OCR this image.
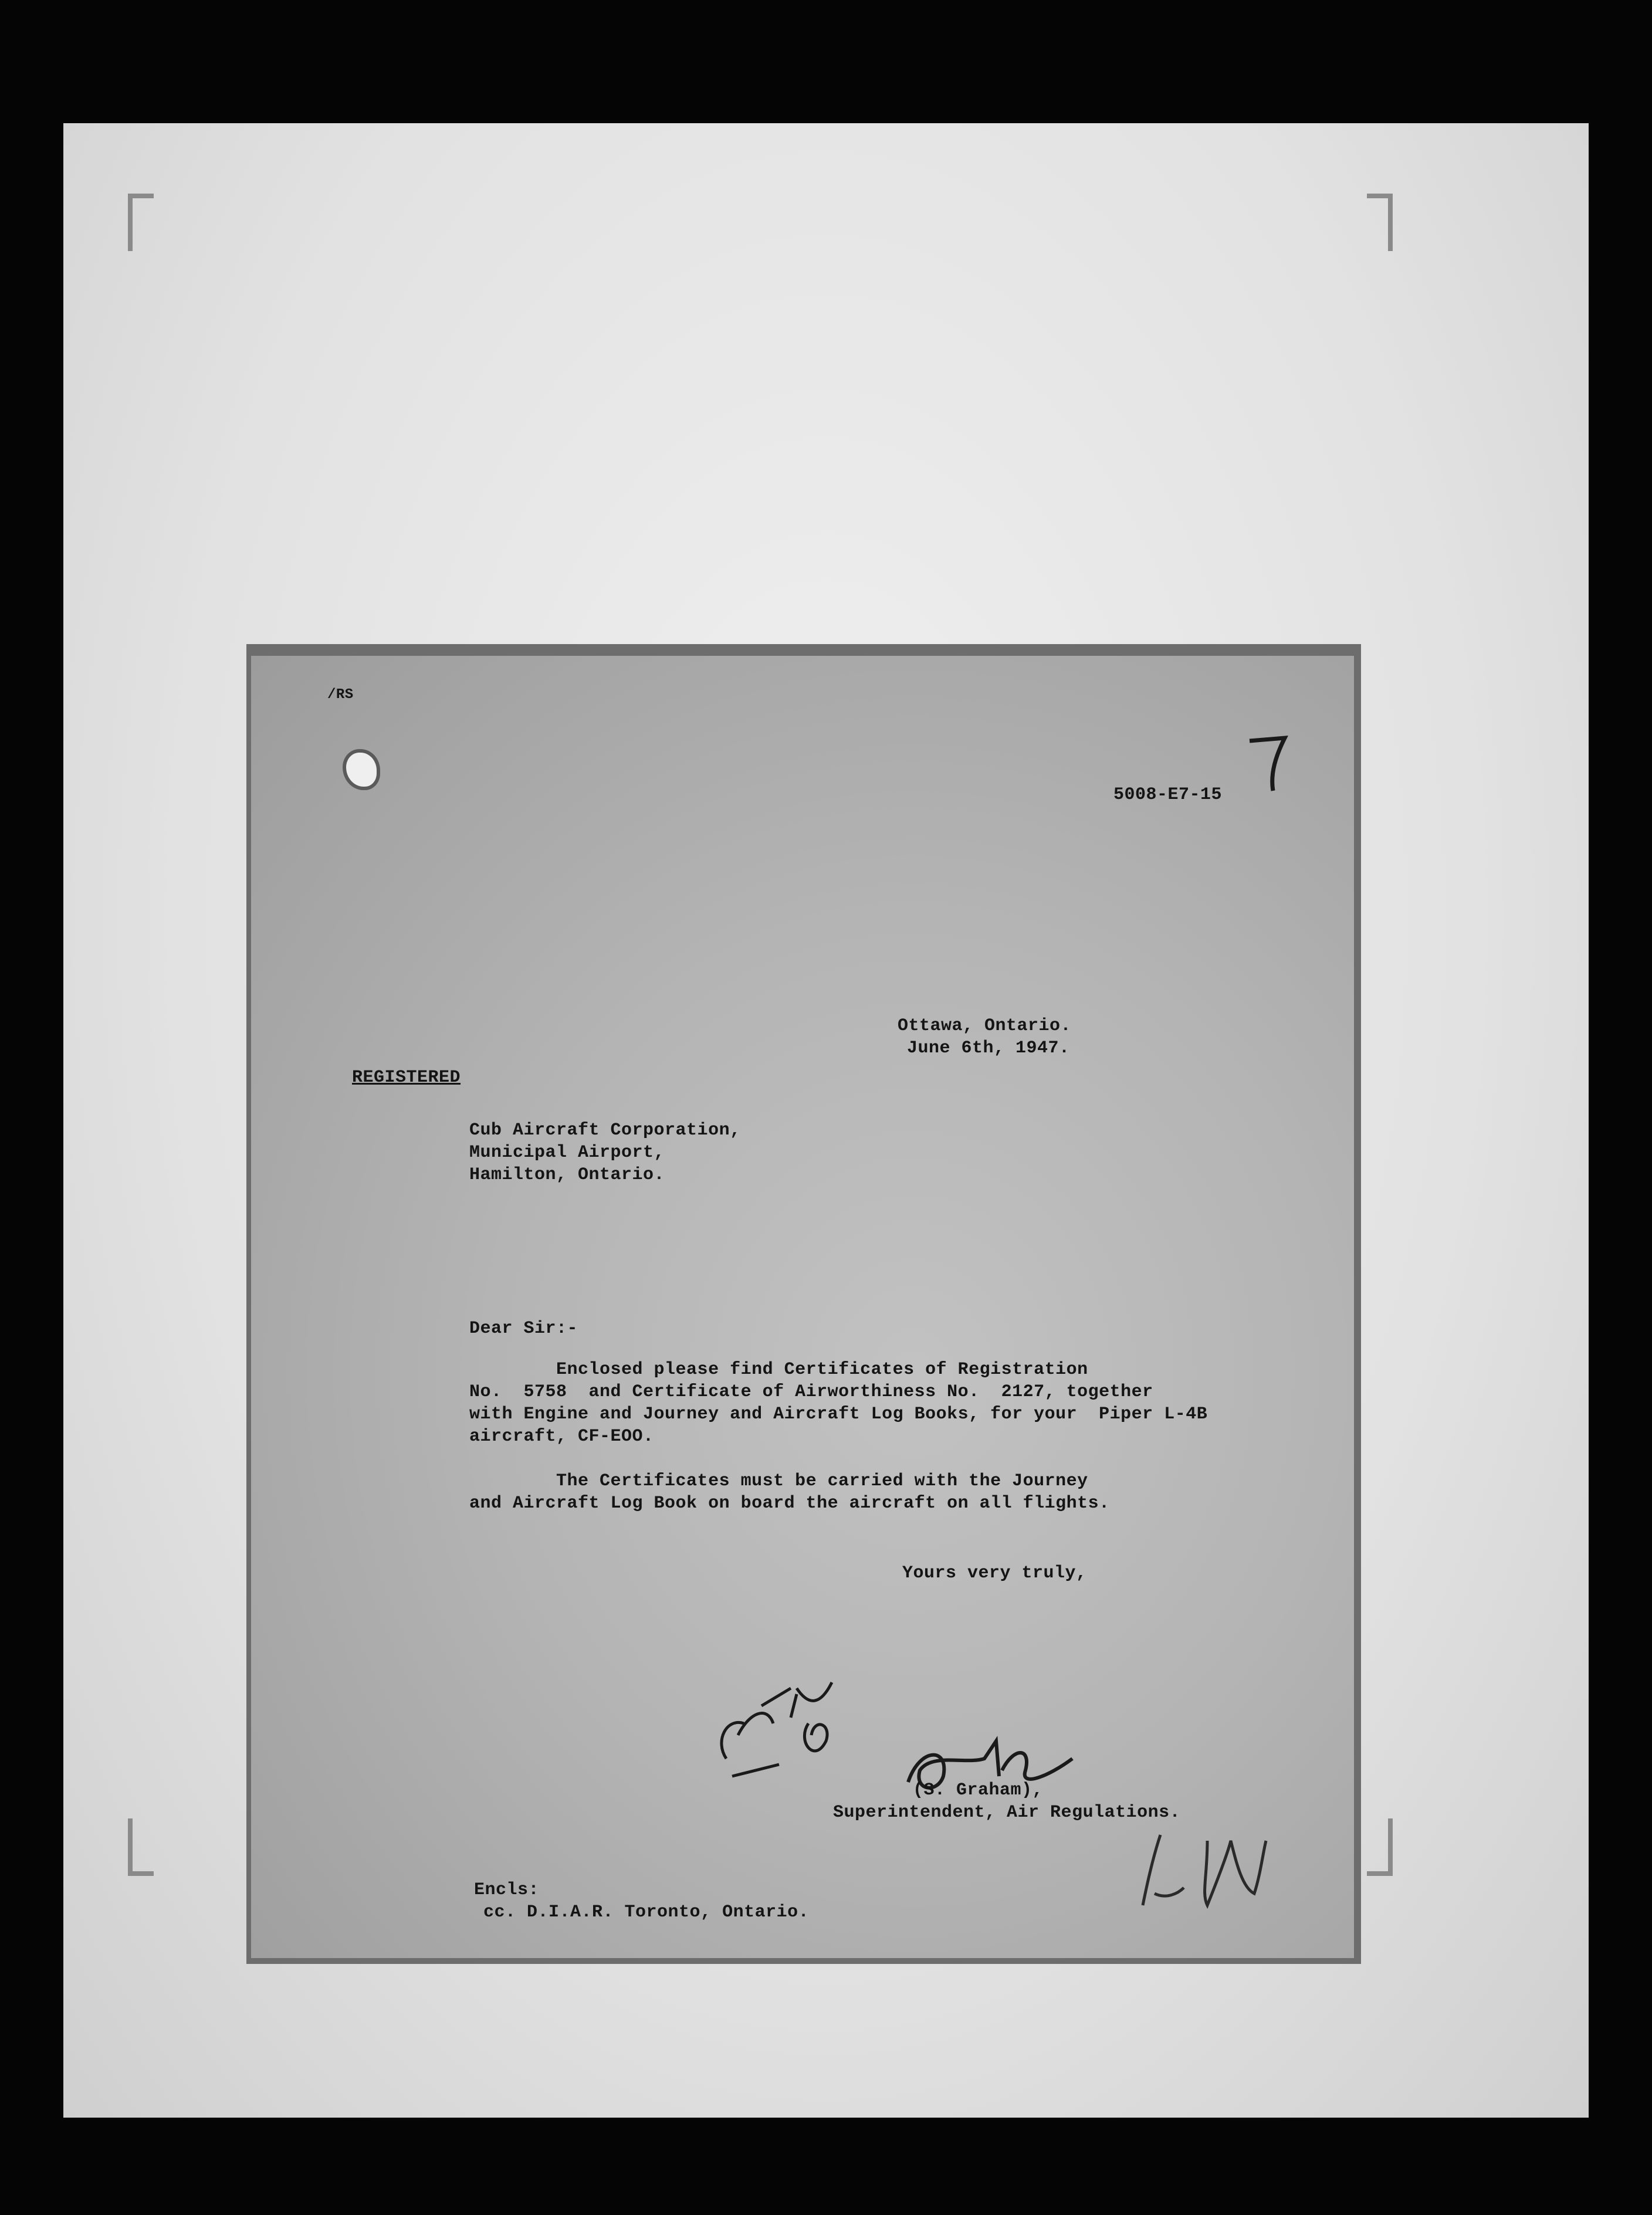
/RS
5008-E7-15
Ottawa, Ontario.
June 6th, 1947.
REGISTERED
Cub Aircraft Corporation,
Municipal Airport,
Hamilton, Ontario.
Dear Sir:-
Enclosed please find Certificates of Registration
No.  5758  and Certificate of Airworthiness No.  2127, together
with Engine and Journey and Aircraft Log Books, for your  Piper L-4B
aircraft, CF-EOO.
The Certificates must be carried with the Journey
and Aircraft Log Book on board the aircraft on all flights.
Yours very truly,
(S. Graham),
Superintendent, Air Regulations.
Encls:
cc. D.I.A.R. Toronto, Ontario.
